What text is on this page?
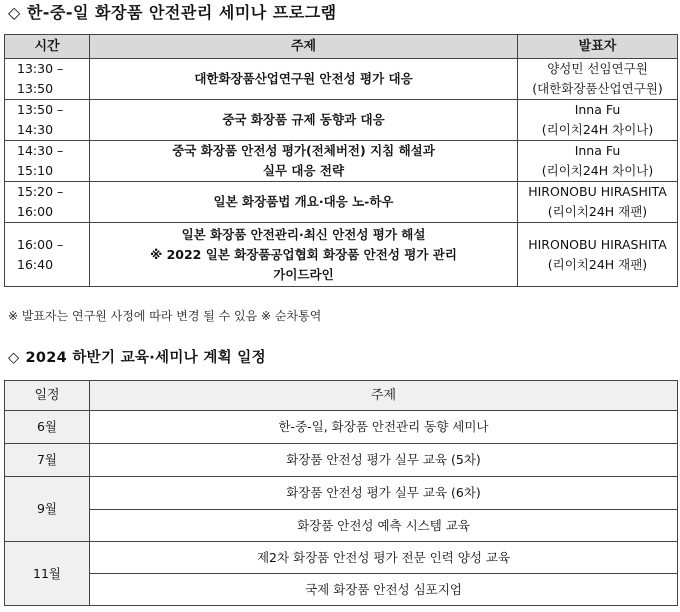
◇ 한-중-일 화장품 안전관리 세미나 프로그램
시간	주제	발표자

13:30 –
13:50	대한화장품산업연구원 안전성 평가 대응	양성민 선임연구원
(대한화장품산업연구원)

13:50 –
14:30	중국 화장품 규제 동향과 대응	Inna Fu
(리이치24H 차이나)

14:30 –
15:10	중국 화장품 안전성 평가(전체버전) 지침 해설과
실무 대응 전략	Inna Fu
(리이치24H 차이나)

15:20 –
16:00	일본 화장품법 개요·대응 노-하우	HIRONOBU HIRASHITA
(리이치24H 재팬)

16:00 –
16:40	일본 화장품 안전관리·최신 안전성 평가 해설
※ 2022 일본 화장품공업협회 화장품 안전성 평가 관리
가이드라인	HIRONOBU HIRASHITA
(리이치24H 재팬)
※ 발표자는 연구원 사정에 따라 변경 될 수 있음 ※ 순차통역
◇ 2024 하반기 교육·세미나 계획 일정
일정	주제
6월	한-중-일, 화장품 안전관리 동향 세미나
7월	화장품 안전성 평가 실무 교육 (5차)
9월	화장품 안전성 평가 실무 교육 (6차)
	화장품 안전성 예측 시스템 교육
11월	제2차 화장품 안전성 평가 전문 인력 양성 교육
	국제 화장품 안전성 심포지엄
